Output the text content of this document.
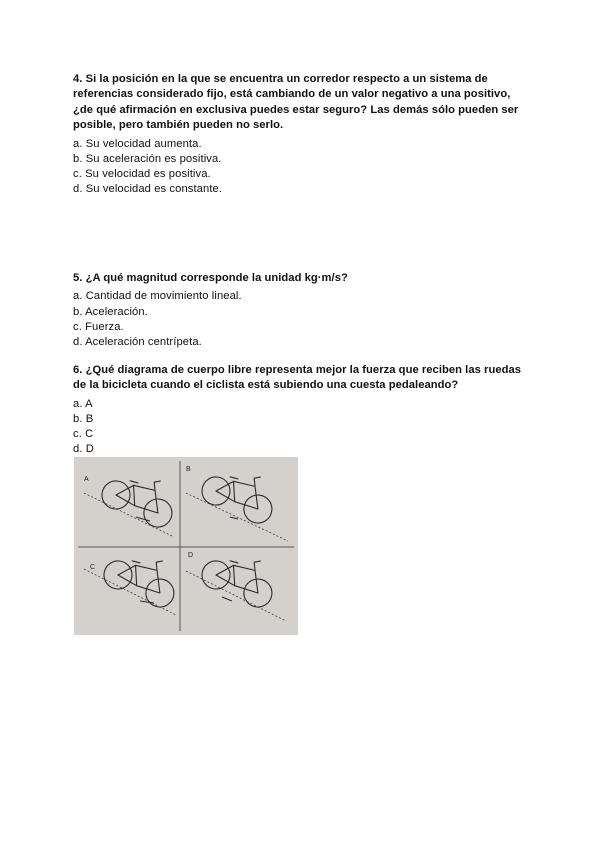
4. Si la posición en la que se encuentra un corredor respecto a un sistema de referencias considerado fijo, está cambiando de un valor negativo a una positivo, ¿de qué afirmación en exclusiva puedes estar seguro? Las demás sólo pueden ser posible, pero también pueden no serlo.

a. Su velocidad aumenta.

b. Su aceleración es positiva.

c. Su velocidad es positiva.

d. Su velocidad es constante.

5. ¿A qué magnitud corresponde la unidad kg·m/s?

a. Cantidad de movimiento lineal.

b. Aceleración.

c. Fuerza.

d. Aceleración centrípeta.

6. ¿Qué diagrama de cuerpo libre representa mejor la fuerza que reciben las ruedas de la bicicleta cuando el ciclista está subiendo una cuesta pedaleando?

a. A

b. B

c. C

d. D

A
B
C
D
